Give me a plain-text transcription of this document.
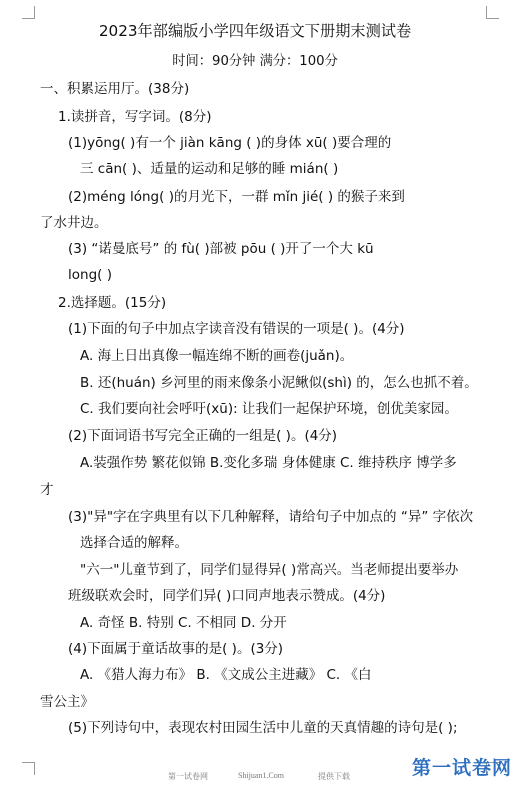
2023年部编版小学四年级语文下册期末测试卷
时间：90分钟 满分：100分
一、积累运用厅。(38分)
1.读拼音，写字词。(8分)
(1)yōng( )有一个 jiàn kāng ( )的身体 xū( )要合理的
三 cān( )、适量的运动和足够的睡 mián( )
(2)méng lóng( )的月光下，一群 mǐn jié( ) 的猴子来到
了水井边。
(3) “诺曼底号” 的 fù( )部被 pōu ( )开了一个大 kū
long( )
2.选择题。(15分)
(1)下面的句子中加点字读音没有错误的一项是( )。(4分)
A. 海上日出真像一幅连绵不断的画卷(juǎn)。
B. 还(huán) 乡河里的雨来像条小泥鳅似(shì) 的，怎么也抓不着。
C. 我们要向社会呼吁(xū): 让我们一起保护环境，创优美家园。
(2)下面词语书写完全正确的一组是( )。(4分)
A.装强作势 繁花似锦 B.变化多瑞 身体健康 C. 维持秩序 博学多
才
(3)"异"字在字典里有以下几种解释，请给句子中加点的 “异” 字依次
选择合适的解释。
"六一"儿童节到了，同学们显得异( )常高兴。当老师提出要举办
班级联欢会时，同学们异( )口同声地表示赞成。(4分)
A. 奇怪 B. 特别 C. 不相同 D. 分开
(4)下面属于童话故事的是( )。(3分)
A. 《猎人海力布》 B. 《文成公主进藏》 C. 《白
雪公主》
(5)下列诗句中，表现农村田园生活中儿童的天真情趣的诗句是( );
第一试卷网	Shijuan1.Com	提供下载	第一试卷网
